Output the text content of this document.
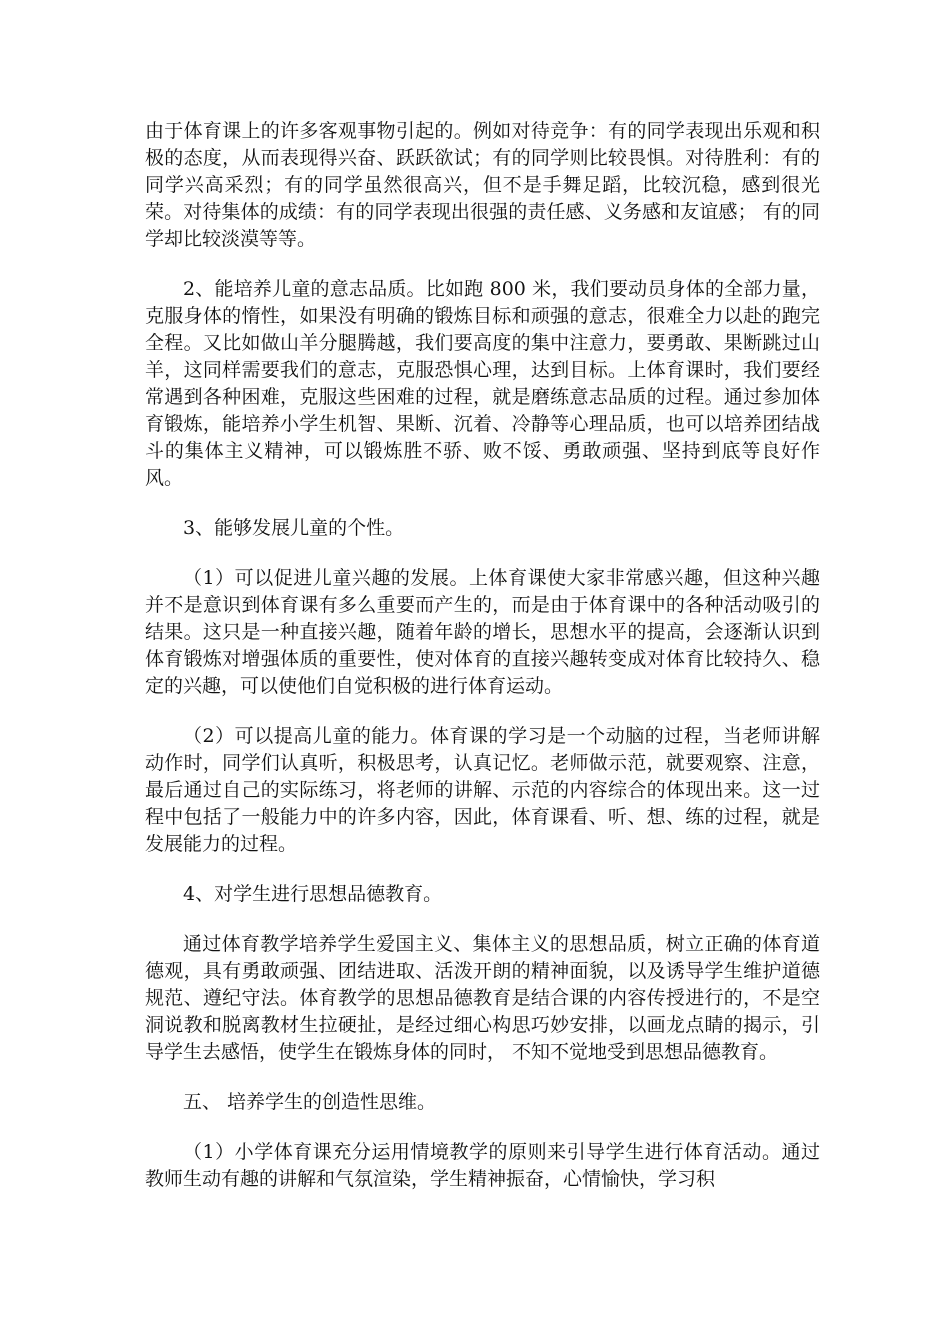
由于体育课上的许多客观事物引起的。例如对待竞争：有的同学表现出乐观和积极的态度，从而表现得兴奋、跃跃欲试；有的同学则比较畏惧。对待胜利：有的同学兴高采烈；有的同学虽然很高兴，但不是手舞足蹈，比较沉稳，感到很光荣。对待集体的成绩：有的同学表现出很强的责任感、义务感和友谊感； 有的同学却比较淡漠等等。

2、能培养儿童的意志品质。比如跑 800 米，我们要动员身体的全部力量，克服身体的惰性，如果没有明确的锻炼目标和顽强的意志，很难全力以赴的跑完全程。又比如做山羊分腿腾越，我们要高度的集中注意力，要勇敢、果断跳过山羊，这同样需要我们的意志，克服恐惧心理，达到目标。上体育课时，我们要经常遇到各种困难，克服这些困难的过程，就是磨练意志品质的过程。通过参加体育锻炼，能培养小学生机智、果断、沉着、冷静等心理品质，也可以培养团结战斗的集体主义精神，可以锻炼胜不骄、败不馁、勇敢顽强、坚持到底等良好作风。

3、能够发展儿童的个性。

（1）可以促进儿童兴趣的发展。上体育课使大家非常感兴趣，但这种兴趣并不是意识到体育课有多么重要而产生的，而是由于体育课中的各种活动吸引的结果。这只是一种直接兴趣，随着年龄的增长，思想水平的提高，会逐渐认识到体育锻炼对增强体质的重要性，使对体育的直接兴趣转变成对体育比较持久、稳定的兴趣，可以使他们自觉积极的进行体育运动。

（2）可以提高儿童的能力。体育课的学习是一个动脑的过程，当老师讲解动作时，同学们认真听，积极思考，认真记忆。老师做示范，就要观察、注意，最后通过自己的实际练习，将老师的讲解、示范的内容综合的体现出来。这一过程中包括了一般能力中的许多内容，因此，体育课看、听、想、练的过程，就是发展能力的过程。

4、对学生进行思想品德教育。

通过体育教学培养学生爱国主义、集体主义的思想品质，树立正确的体育道德观，具有勇敢顽强、团结进取、活泼开朗的精神面貌，以及诱导学生维护道德规范、遵纪守法。体育教学的思想品德教育是结合课的内容传授进行的，不是空洞说教和脱离教材生拉硬扯，是经过细心构思巧妙安排，以画龙点睛的揭示，引导学生去感悟，使学生在锻炼身体的同时， 不知不觉地受到思想品德教育。

五、 培养学生的创造性思维。

（1）小学体育课充分运用情境教学的原则来引导学生进行体育活动。通过教师生动有趣的讲解和气氛渲染，学生精神振奋，心情愉快，学习积
